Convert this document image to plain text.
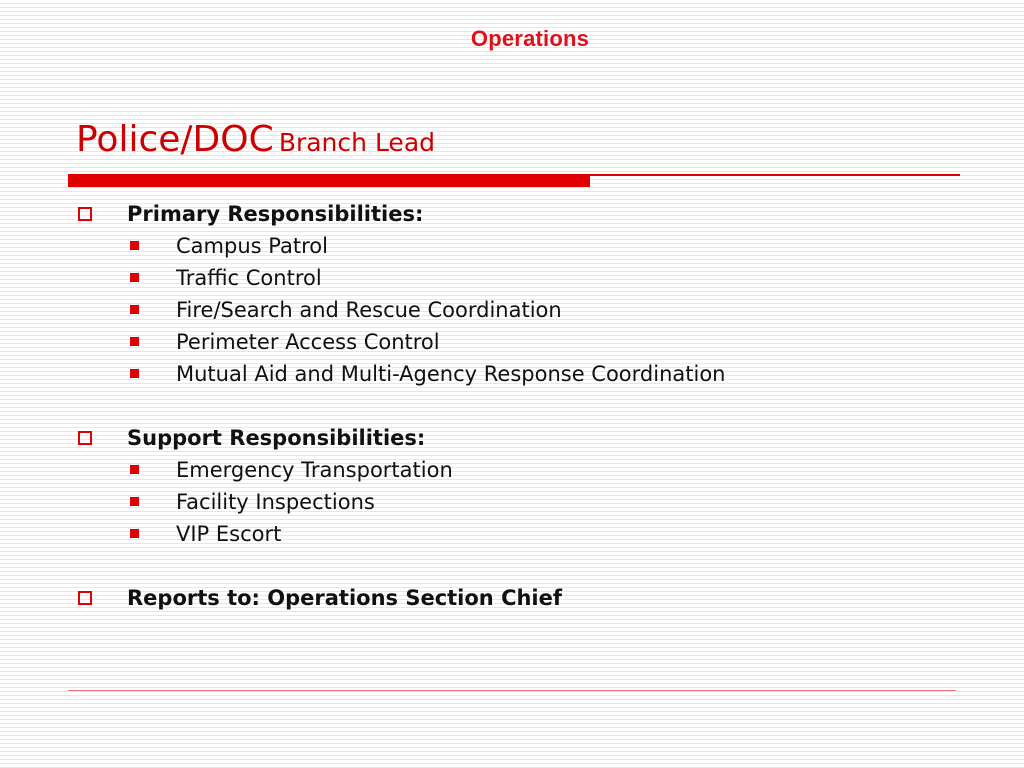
Operations
Police/DOC Branch Lead
Primary Responsibilities:
Campus Patrol
Traffic Control
Fire/Search and Rescue Coordination
Perimeter Access Control
Mutual Aid and Multi-Agency Response Coordination
Support Responsibilities:
Emergency Transportation
Facility Inspections
VIP Escort
Reports to: Operations Section Chief
